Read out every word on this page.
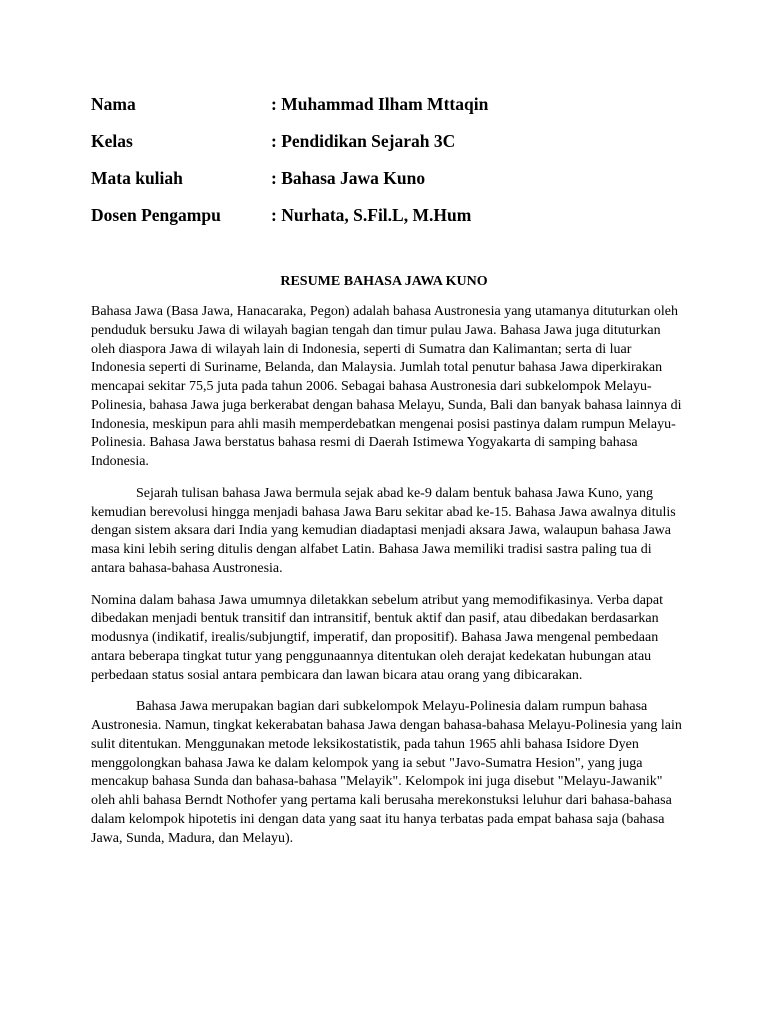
Nama	: Muhammad Ilham Mttaqin
Kelas	: Pendidikan Sejarah 3C
Mata kuliah	: Bahasa Jawa Kuno
Dosen Pengampu	: Nurhata, S.Fil.L, M.Hum
RESUME BAHASA JAWA KUNO

Bahasa Jawa (Basa Jawa, Hanacaraka, Pegon) adalah bahasa Austronesia yang utamanya dituturkan oleh
penduduk bersuku Jawa di wilayah bagian tengah dan timur pulau Jawa. Bahasa Jawa juga dituturkan
oleh diaspora Jawa di wilayah lain di Indonesia, seperti di Sumatra dan Kalimantan; serta di luar
Indonesia seperti di Suriname, Belanda, dan Malaysia. Jumlah total penutur bahasa Jawa diperkirakan
mencapai sekitar 75,5 juta pada tahun 2006. Sebagai bahasa Austronesia dari subkelompok Melayu-
Polinesia, bahasa Jawa juga berkerabat dengan bahasa Melayu, Sunda, Bali dan banyak bahasa lainnya di
Indonesia, meskipun para ahli masih memperdebatkan mengenai posisi pastinya dalam rumpun Melayu-
Polinesia. Bahasa Jawa berstatus bahasa resmi di Daerah Istimewa Yogyakarta di samping bahasa
Indonesia.

Sejarah tulisan bahasa Jawa bermula sejak abad ke-9 dalam bentuk bahasa Jawa Kuno, yang
kemudian berevolusi hingga menjadi bahasa Jawa Baru sekitar abad ke-15. Bahasa Jawa awalnya ditulis
dengan sistem aksara dari India yang kemudian diadaptasi menjadi aksara Jawa, walaupun bahasa Jawa
masa kini lebih sering ditulis dengan alfabet Latin. Bahasa Jawa memiliki tradisi sastra paling tua di
antara bahasa-bahasa Austronesia.

Nomina dalam bahasa Jawa umumnya diletakkan sebelum atribut yang memodifikasinya. Verba dapat
dibedakan menjadi bentuk transitif dan intransitif, bentuk aktif dan pasif, atau dibedakan berdasarkan
modusnya (indikatif, irealis/subjungtif, imperatif, dan propositif). Bahasa Jawa mengenal pembedaan
antara beberapa tingkat tutur yang penggunaannya ditentukan oleh derajat kedekatan hubungan atau
perbedaan status sosial antara pembicara dan lawan bicara atau orang yang dibicarakan.

Bahasa Jawa merupakan bagian dari subkelompok Melayu-Polinesia dalam rumpun bahasa
Austronesia. Namun, tingkat kekerabatan bahasa Jawa dengan bahasa-bahasa Melayu-Polinesia yang lain
sulit ditentukan. Menggunakan metode leksikostatistik, pada tahun 1965 ahli bahasa Isidore Dyen
menggolongkan bahasa Jawa ke dalam kelompok yang ia sebut "Javo-Sumatra Hesion", yang juga
mencakup bahasa Sunda dan bahasa-bahasa "Melayik". Kelompok ini juga disebut "Melayu-Jawanik"
oleh ahli bahasa Berndt Nothofer yang pertama kali berusaha merekonstuksi leluhur dari bahasa-bahasa
dalam kelompok hipotetis ini dengan data yang saat itu hanya terbatas pada empat bahasa saja (bahasa
Jawa, Sunda, Madura, dan Melayu).
